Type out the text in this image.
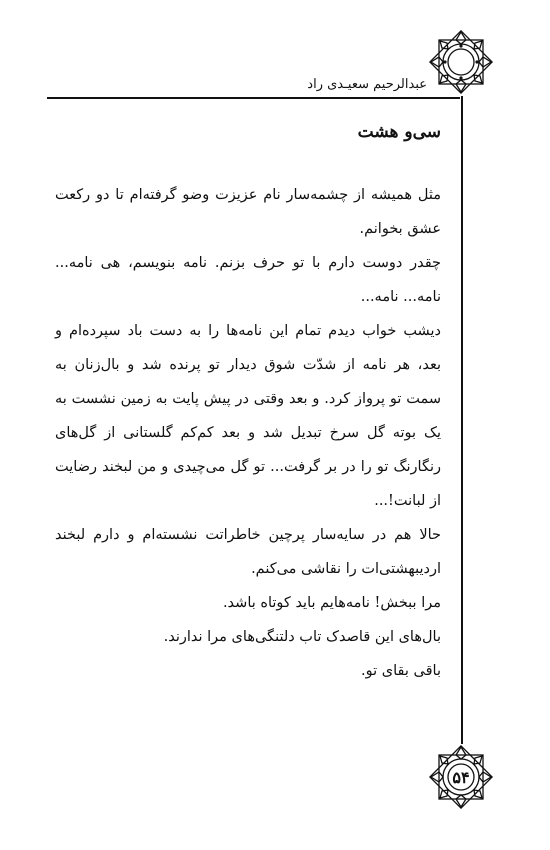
عبدالرحیم سعیـدی راد
۵۴
سی‌و هشت

مثل همیشه از چشمه‌سار نام عزیزت وضو گرفته‌ام تا دو رکعت عشق بخوانم.

چقدر دوست دارم با تو حرف بزنم. نامه بنویسم، هی نامه... نامه... نامه...

دیشب خواب دیدم تمام این نامه‌ها را به دست باد سپرده‌ام و بعد، هر نامه از شدّت شوق دیدار تو پرنده شد و بال‌زنان به سمت تو پرواز کرد. و بعد وقتی در پیش پایت به زمین نشست به یک بوته گل سرخ تبدیل شد و بعد کم‌کم گلستانی از گل‌های رنگارنگ تو را در بر گرفت... تو گل می‌چیدی و من لبخند رضایت از لبانت!...

حالا هم در سایه‌سار پرچین خاطراتت نشسته‌ام و دارم لبخند اردیبهشتی‌ات را نقاشی می‌کنم.

مرا ببخش! نامه‌هایم باید کوتاه باشد.

بال‌های این قاصدک تاب دلتنگی‌های مرا ندارند.

باقی بقای تو.
